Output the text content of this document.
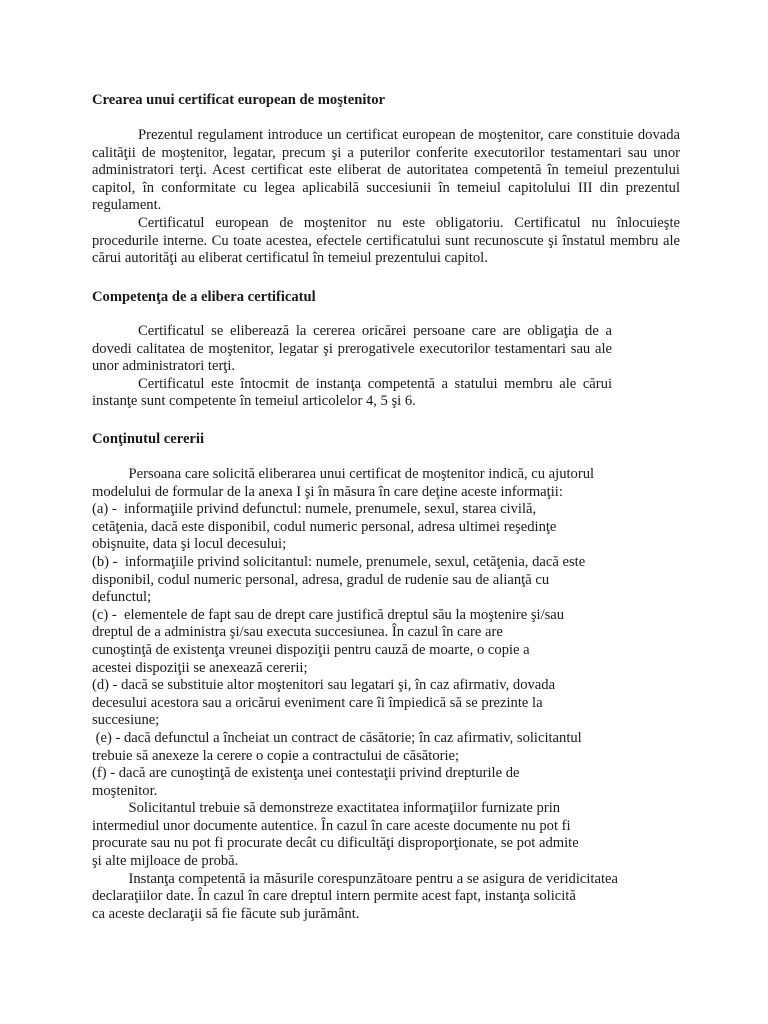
Crearea unui certificat european de moştenitor

Prezentul regulament introduce un certificat european de moştenitor, care constituie dovada calităţii de moştenitor, legatar, precum şi a puterilor conferite executorilor testamentari sau unor administratori terţi. Acest certificat este eliberat de autoritatea competentă în temeiul prezentului capitol, în conformitate cu legea aplicabilă succesiunii în temeiul capitolului III din prezentul regulament.

Certificatul european de moştenitor nu este obligatoriu. Certificatul nu înlocuieşte procedurile interne. Cu toate acestea, efectele certificatului sunt recunoscute şi înstatul membru ale cărui autorităţi au eliberat certificatul în temeiul prezentului capitol.

Competenţa de a elibera certificatul

Certificatul se eliberează la cererea oricărei persoane care are obligaţia de a dovedi calitatea de moştenitor, legatar şi prerogativele executorilor testamentari sau ale unor administratori terţi.

Certificatul este întocmit de instanţa competentă a statului membru ale cărui instanţe sunt competente în temeiul articolelor 4, 5 şi 6.

Conţinutul cererii

Persoana care solicită eliberarea unui certificat de moştenitor indică, cu ajutorul

modelului de formular de la anexa I şi în măsura în care deţine aceste informaţii:

(a) -  informaţiile privind defunctul: numele, prenumele, sexul, starea civilă,

cetăţenia, dacă este disponibil, codul numeric personal, adresa ultimei reşedinţe

obişnuite, data şi locul decesului;

(b) -  informaţiile privind solicitantul: numele, prenumele, sexul, cetăţenia, dacă este

disponibil, codul numeric personal, adresa, gradul de rudenie sau de alianţă cu

defunctul;

(c) -  elementele de fapt sau de drept care justifică dreptul său la moştenire şi/sau

dreptul de a administra şi/sau executa succesiunea. În cazul în care are

cunoştinţă de existenţa vreunei dispoziţii pentru cauză de moarte, o copie a

acestei dispoziţii se anexează cererii;

(d) - dacă se substituie altor moştenitori sau legatari şi, în caz afirmativ, dovada

decesului acestora sau a oricărui eveniment care îi împiedică să se prezinte la

succesiune;

(e) - dacă defunctul a încheiat un contract de căsătorie; în caz afirmativ, solicitantul

trebuie să anexeze la cerere o copie a contractului de căsătorie;

(f) - dacă are cunoştinţă de existenţa unei contestaţii privind drepturile de

moştenitor.

Solicitantul trebuie să demonstreze exactitatea informaţiilor furnizate prin

intermediul unor documente autentice. În cazul în care aceste documente nu pot fi

procurate sau nu pot fi procurate decât cu dificultăţi disproporţionate, se pot admite

şi alte mijloace de probă.

Instanţa competentă ia măsurile corespunzătoare pentru a se asigura de veridicitatea

declaraţiilor date. În cazul în care dreptul intern permite acest fapt, instanţa solicită

ca aceste declaraţii să fie făcute sub jurământ.
